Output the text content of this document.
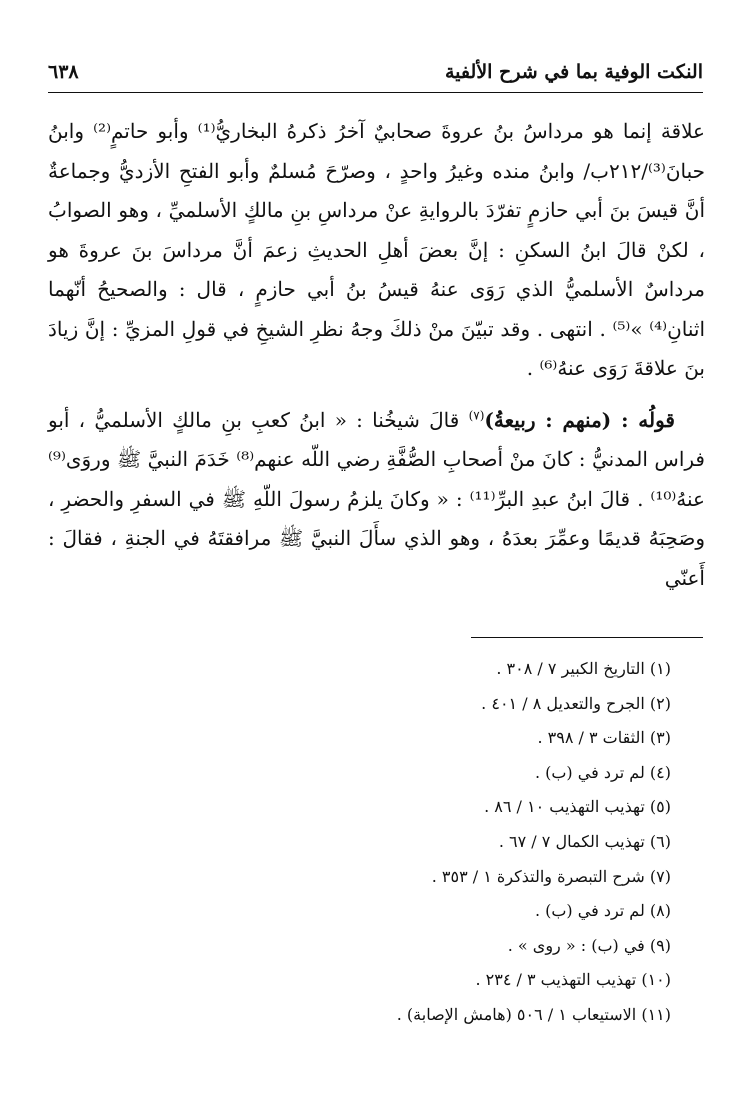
النكت الوفية بما في شرح الألفية
٦٣٨

علاقة إنما هو مرداسُ بنُ عروةَ صحابيٌ آخرُ ذكرهُ البخاريُّ⁽¹⁾ وأبو حاتمٍ⁽²⁾ وابنُ حبانَ⁽³⁾/٢١٢ب/ وابنُ منده وغيرُ واحدٍ ، وصرّحَ مُسلمٌ وأبو الفتحِ الأزديُّ وجماعةٌ أنَّ قيسَ بنَ أبي حازمٍ تفرّدَ بالروايةِ عنْ مرداسِ بنِ مالكٍ الأسلميِّ ، وهو الصوابُ ، لكنْ قالَ ابنُ السكنِ : إنَّ بعضَ أهلِ الحديثِ زعمَ أنَّ مرداسَ بنَ عروةَ هو مرداسٌ الأسلميُّ الذي رَوَى عنهُ قيسُ بنُ أبي حازمٍ ، قال : والصحيحُ أنّهما اثنانِ⁽⁴⁾ »⁽⁵⁾ . انتهى . وقد تبيّنَ منْ ذلكَ وجهُ نظرِ الشيخِ في قولِ المزيِّ : إنَّ زيادَ بنَ علاقةَ رَوَى عنهُ⁽⁶⁾ .

قولُه : (منهم : ربيعةُ)$^{(٧)}$ قالَ شيخُنا : « ابنُ كعبِ بنِ مالكٍ الأسلميُّ ، أبو فراس المدنيُّ : كانَ منْ أصحابِ الصُّفَّةِ رضي اللّه عنهم⁽⁸⁾ خَدَمَ النبيَّ ﷺ وروَى⁽⁹⁾ عنهُ⁽¹⁰⁾ . قالَ ابنُ عبدِ البرِّ⁽¹¹⁾ : « وكانَ يلزمُ رسولَ اللّهِ ﷺ في السفرِ والحضرِ ، وصَحِبَهُ قديمًا وعمِّرَ بعدَهُ ، وهو الذي سأَلَ النبيَّ ﷺ مرافقتَهُ في الجنةِ ، فقالَ : أَعنّي

(١) التاريخ الكبير ٧ / ٣٠٨ .
(٢) الجرح والتعديل ٨ / ٤٠١ .
(٣) الثقات ٣ / ٣٩٨ .
(٤) لم ترد في (ب) .
(٥) تهذيب التهذيب ١٠ / ٨٦ .
(٦) تهذيب الكمال ٧ / ٦٧ .
(٧) شرح التبصرة والتذكرة ١ / ٣٥٣ .
(٨) لم ترد في (ب) .
(٩) في (ب) : « روى » .
(١٠) تهذيب التهذيب ٣ / ٢٣٤ .
(١١) الاستيعاب ١ / ٥٠٦ (هامش الإصابة) .
